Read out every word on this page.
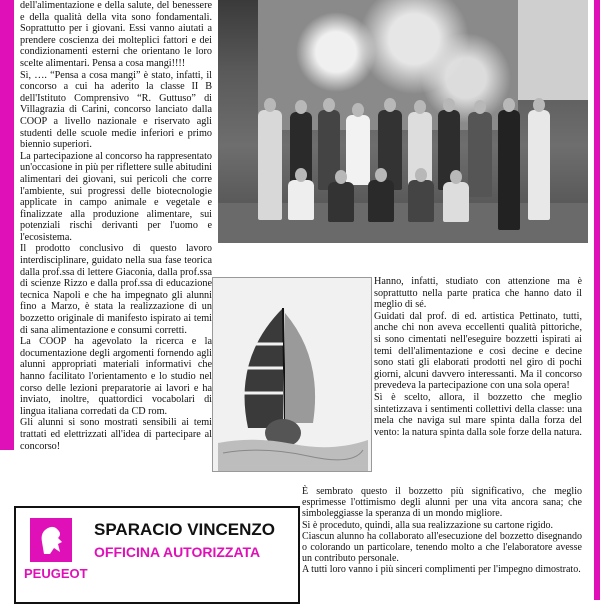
dell'alimentazione e della salute, del benessere e della qualità della vita sono fondamentali. Soprattutto per i giovani. Essi vanno aiutati a prendere coscienza dei molteplici fattori e dei condizionamenti esterni che orientano le loro scelte alimentari. Pensa a cosa mangi!!!!

Sì, …. “Pensa a cosa mangi” è stato, infatti, il concorso a cui ha aderito la classe II B dell'Istituto Comprensivo “R. Guttuso” di Villagrazia di Carini, concorso lanciato dalla COOP a livello nazionale e riservato agli studenti delle scuole medie inferiori e primo biennio superiori.

La partecipazione al concorso ha rappresentato un'occasione in più per riflettere sulle abitudini alimentari dei giovani, sui pericoli che corre l'ambiente, sui progressi delle biotecnologie applicate in campo animale e vegetale e finalizzate alla produzione alimentare, sui potenziali rischi derivanti per l'uomo e l'ecosistema.

Il prodotto conclusivo di questo lavoro interdisciplinare, guidato nella sua fase teorica dalla prof.ssa di lettere Giaconia, dalla prof.ssa di scienze Rizzo e dalla prof.ssa di educazione tecnica Napoli e che ha impegnato gli alunni fino a Marzo, è stata la realizzazione di un bozzetto originale di manifesto ispirato ai temi di sana alimentazione e consumi corretti.

La COOP ha agevolato la ricerca e la documentazione degli argomenti fornendo agli alunni appropriati materiali informativi che hanno facilitato l'orientamento e lo studio nel corso delle lezioni preparatorie ai lavori e ha inviato, inoltre, quattordici vocabolari di lingua italiana corredati da CD rom.

Gli alunni si sono mostrati sensibili ai temi trattati ed elettrizzati all'idea di partecipare al concorso!

Hanno, infatti, studiato con attenzione ma è soprattutto nella parte pratica che hanno dato il meglio di sé.

Guidati dal prof. di ed. artistica Pettinato, tutti, anche chi non aveva eccellenti qualità pittoriche, si sono cimentati nell'eseguire bozzetti ispirati ai temi dell'alimentazione e così decine e decine sono stati gli elaborati prodotti nel giro di pochi giorni, alcuni davvero interessanti. Ma il concorso prevedeva la partecipazione con una sola opera!

Sì è scelto, allora, il bozzetto che meglio sintetizzava i sentimenti collettivi della classe: una mela che naviga sul mare spinta dalla forza del vento: la natura spinta dalla sole forze della natura.

È sembrato questo il bozzetto più significativo, che meglio esprimesse l'ottimismo degli alunni per una vita ancora sana; che simboleggiasse la speranza di un mondo migliore.

Si è proceduto, quindi, alla sua realizzazione su cartone rigido.

Ciascun alunno ha collaborato all'esecuzione del bozzetto disegnando o colorando un particolare, tenendo molto a che l'elaboratore avesse un contributo personale.

A tutti loro vanno i più sinceri complimenti per l'impegno dimostrato.

PEUGEOT
SPARACIO VINCENZO
OFFICINA AUTORIZZATA
